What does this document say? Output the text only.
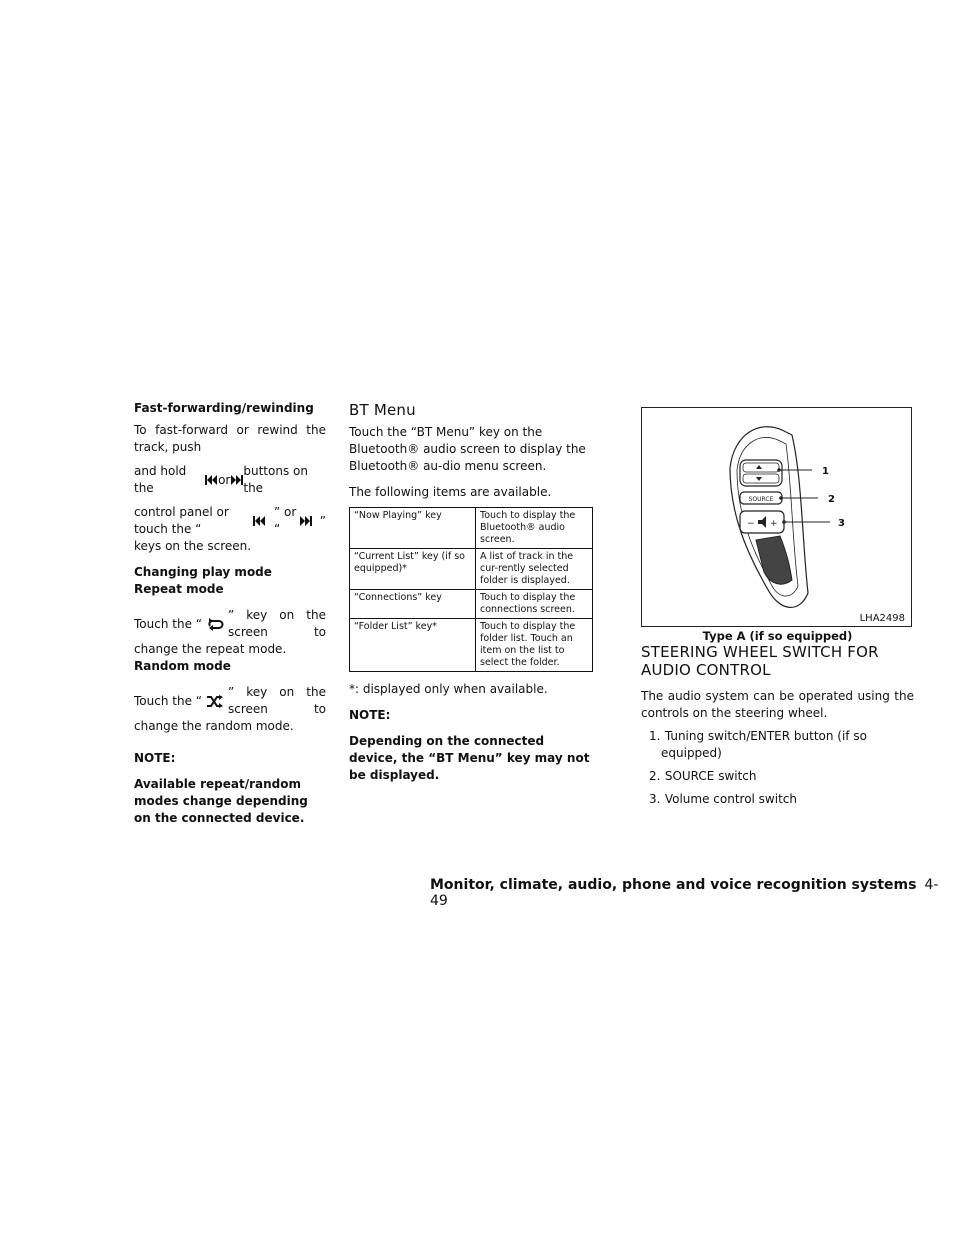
Fast-forwarding/rewinding

To fast-forward or rewind the track, push

and hold the
or
buttons on the

control panel or touch the “
” or “
”

keys on the screen.

Changing play mode
Repeat mode

Touch the “
” key on the screen to

change the repeat mode.

Random mode

Touch the “
” key on the screen to

change the random mode.

NOTE:

Available repeat/random modes change depending on the connected device.

BT Menu

Touch the “BT Menu” key on the Bluetooth® audio screen to display the Bluetooth® au-dio menu screen.

The following items are available.

“Now Playing” key	Touch to display the Bluetooth® audio screen.
“Current List” key (if so equipped)*	A list of track in the cur-rently selected folder is displayed.
“Connections” key	Touch to display the connections screen.
“Folder List” key*	Touch to display the folder list. Touch an item on the list to select the folder.

*: displayed only when available.

NOTE:

Depending on the connected device, the “BT Menu” key may not be displayed.

SOURCE
− +
1
2
3
LHA2498
Type A (if so equipped)
STEERING WHEEL SWITCH FOR
AUDIO CONTROL

The audio system can be operated using the controls on the steering wheel.

1. Tuning switch/ENTER button (if so equipped)
2. SOURCE switch
3. Volume control switch
Monitor, climate, audio, phone and voice recognition systems 4-49
